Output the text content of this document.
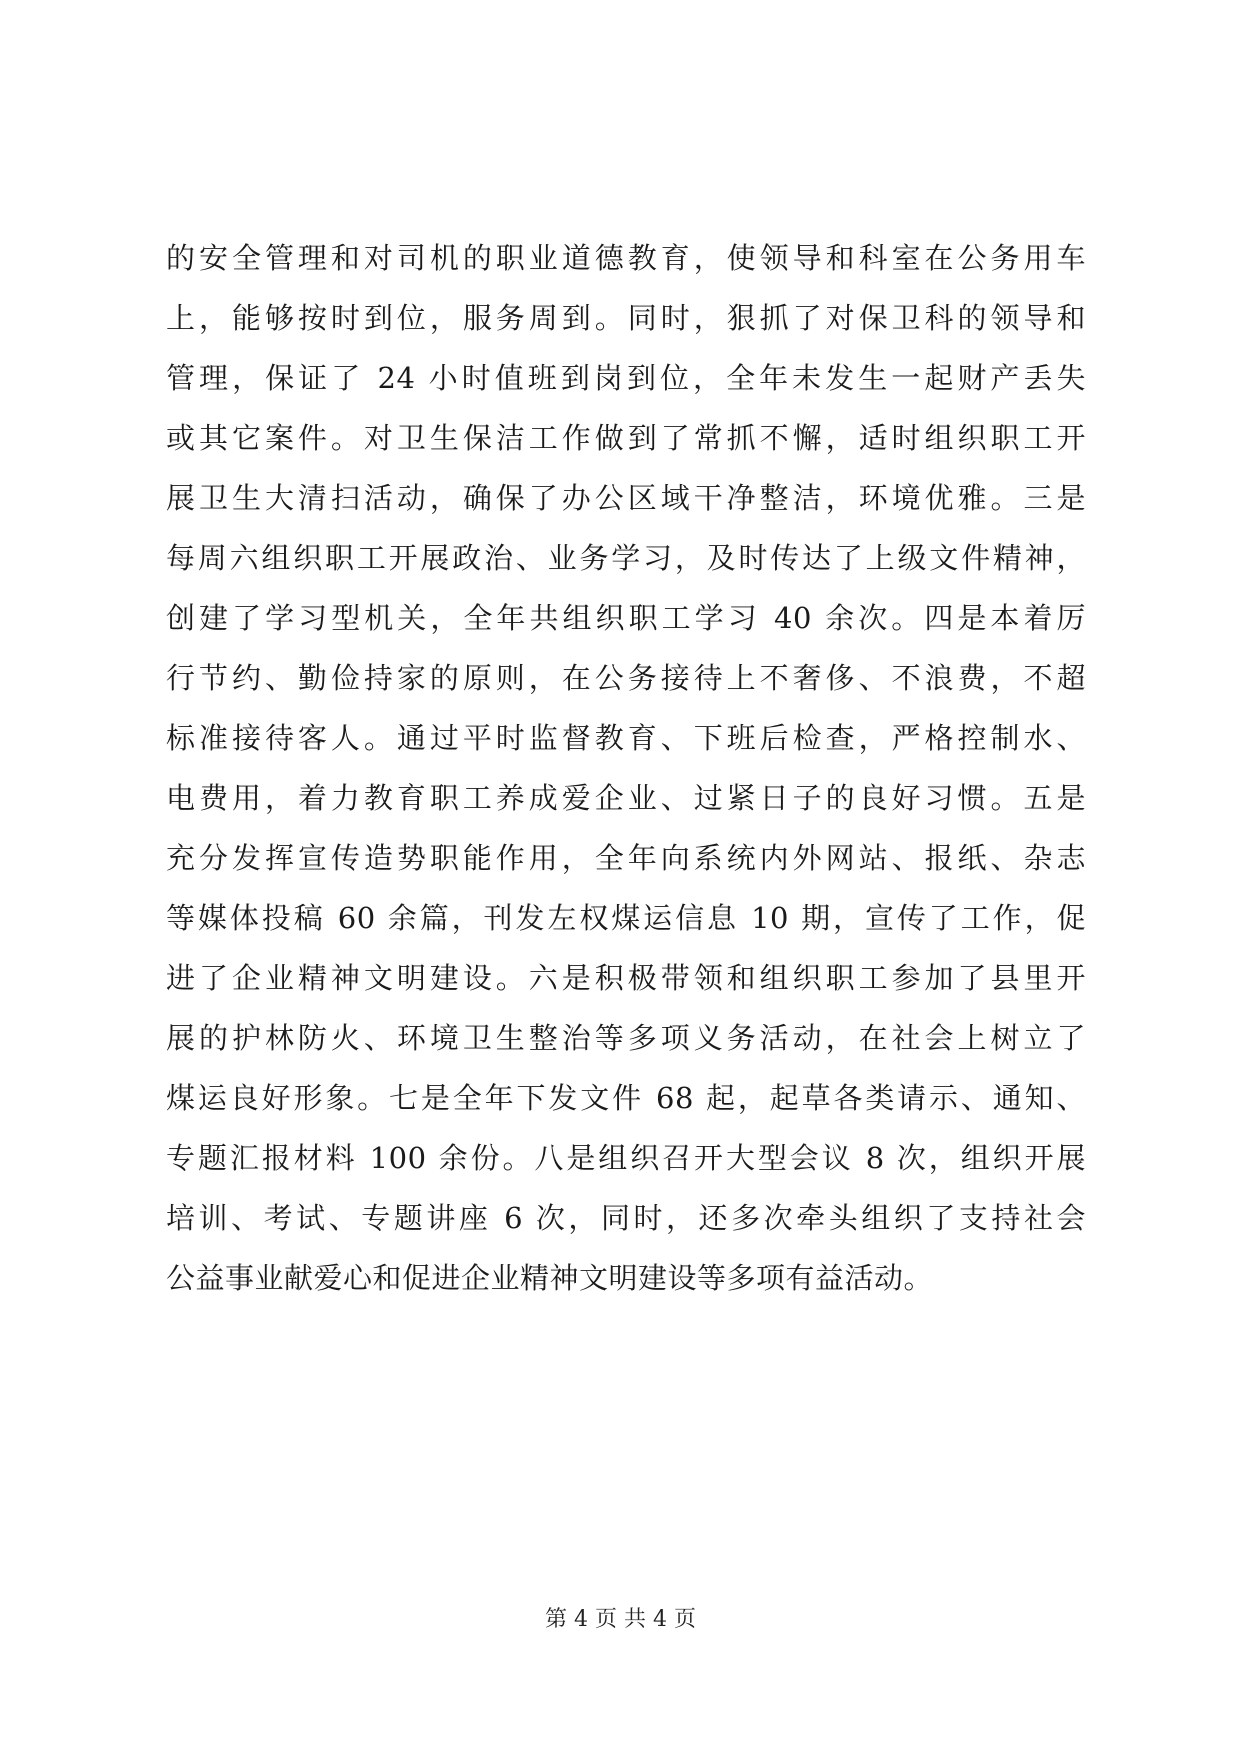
的安全管理和对司机的职业道德教育，使领导和科室在公务用车
上，能够按时到位，服务周到。同时，狠抓了对保卫科的领导和
管理，保证了 24 小时值班到岗到位，全年未发生一起财产丢失
或其它案件。对卫生保洁工作做到了常抓不懈，适时组织职工开
展卫生大清扫活动，确保了办公区域干净整洁，环境优雅。三是
每周六组织职工开展政治、业务学习，及时传达了上级文件精神，
创建了学习型机关，全年共组织职工学习 40 余次。四是本着厉
行节约、勤俭持家的原则，在公务接待上不奢侈、不浪费，不超
标准接待客人。通过平时监督教育、下班后检查，严格控制水、
电费用，着力教育职工养成爱企业、过紧日子的良好习惯。五是
充分发挥宣传造势职能作用，全年向系统内外网站、报纸、杂志
等媒体投稿 60 余篇，刊发左权煤运信息 10 期，宣传了工作，促
进了企业精神文明建设。六是积极带领和组织职工参加了县里开
展的护林防火、环境卫生整治等多项义务活动，在社会上树立了
煤运良好形象。七是全年下发文件 68 起，起草各类请示、通知、
专题汇报材料 100 余份。八是组织召开大型会议 8 次，组织开展
培训、考试、专题讲座 6 次，同时，还多次牵头组织了支持社会
公益事业献爱心和促进企业精神文明建设等多项有益活动。
第 4 页 共 4 页
